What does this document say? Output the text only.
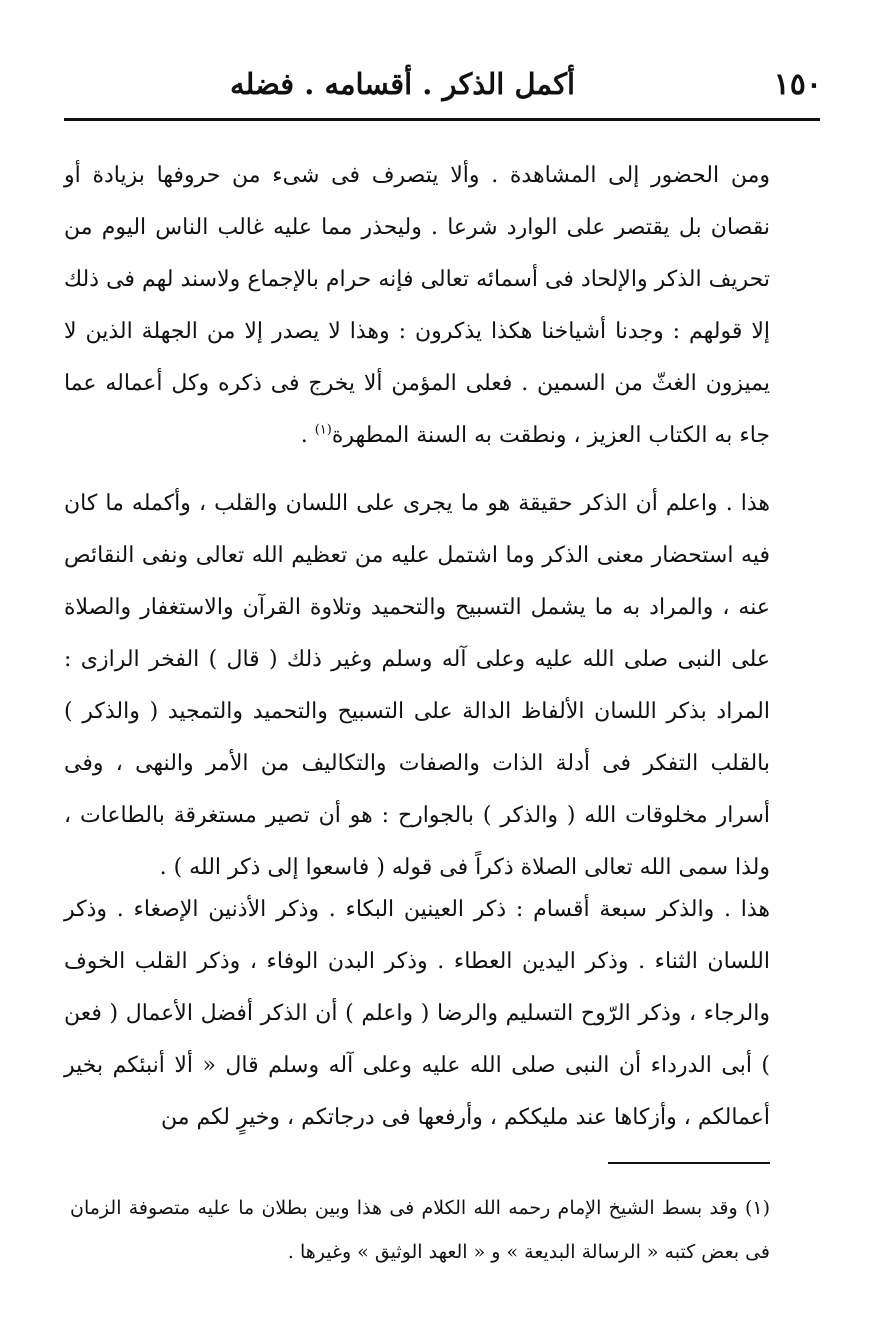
١٥٠
أكمل الذكر . أقسامه . فضله

ومن الحضور إلى المشاهدة . وألا يتصرف فى شىء من حروفها بزيادة أو نقصان بل يقتصر على الوارد شرعا . وليحذر مما عليه غالب الناس اليوم من تحريف الذكر والإلحاد فى أسمائه تعالى فإنه حرام بالإجماع ولاسند لهم فى ذلك إلا قولهم : وجدنا أشياخنا هكذا يذكرون : وهذا لا يصدر إلا من الجهلة الذين لا يميزون الغثّ من السمين . فعلى المؤمن ألا يخرج فى ذكره وكل أعماله عما جاء به الكتاب العزيز ، ونطقت به السنة المطهرة$^{(١)}$ .

هذا . واعلم أن الذكر حقيقة هو ما يجرى على اللسان والقلب ، وأكمله ما كان فيه استحضار معنى الذكر وما اشتمل عليه من تعظيم الله تعالى ونفى النقائص عنه ، والمراد به ما يشمل التسبيح والتحميد وتلاوة القرآن والاستغفار والصلاة على النبى صلى الله عليه وعلى آله وسلم وغير ذلك ( قال ) الفخر الرازى : المراد بذكر اللسان الألفاظ الدالة على التسبيح والتحميد والتمجيد ( والذكر ) بالقلب التفكر فى أدلة الذات والصفات والتكاليف من الأمر والنهى ، وفى أسرار مخلوقات الله ( والذكر ) بالجوارح : هو أن تصير مستغرقة بالطاعات ، ولذا سمى الله تعالى الصلاة ذكراً فى قوله ( فاسعوا إلى ذكر الله ) .

هذا . والذكر سبعة أقسام : ذكر العينين البكاء . وذكر الأذنين الإصغاء . وذكر اللسان الثناء . وذكر اليدين العطاء . وذكر البدن الوفاء ، وذكر القلب الخوف والرجاء ، وذكر الرّوح التسليم والرضا ( واعلم ) أن الذكر أفضل الأعمال ( فعن ) أبى الدرداء أن النبى صلى الله عليه وعلى آله وسلم قال « ألا أنبئكم بخير أعمالكم ، وأزكاها عند مليككم ، وأرفعها فى درجاتكم ، وخيرٍ لكم من

(١) وقد بسط الشيخ الإمام رحمه الله الكلام فى هذا وبين بطلان ما عليه متصوفة الزمان فى بعض كتبه « الرسالة البديعة » و « العهد الوثيق » وغيرها .
